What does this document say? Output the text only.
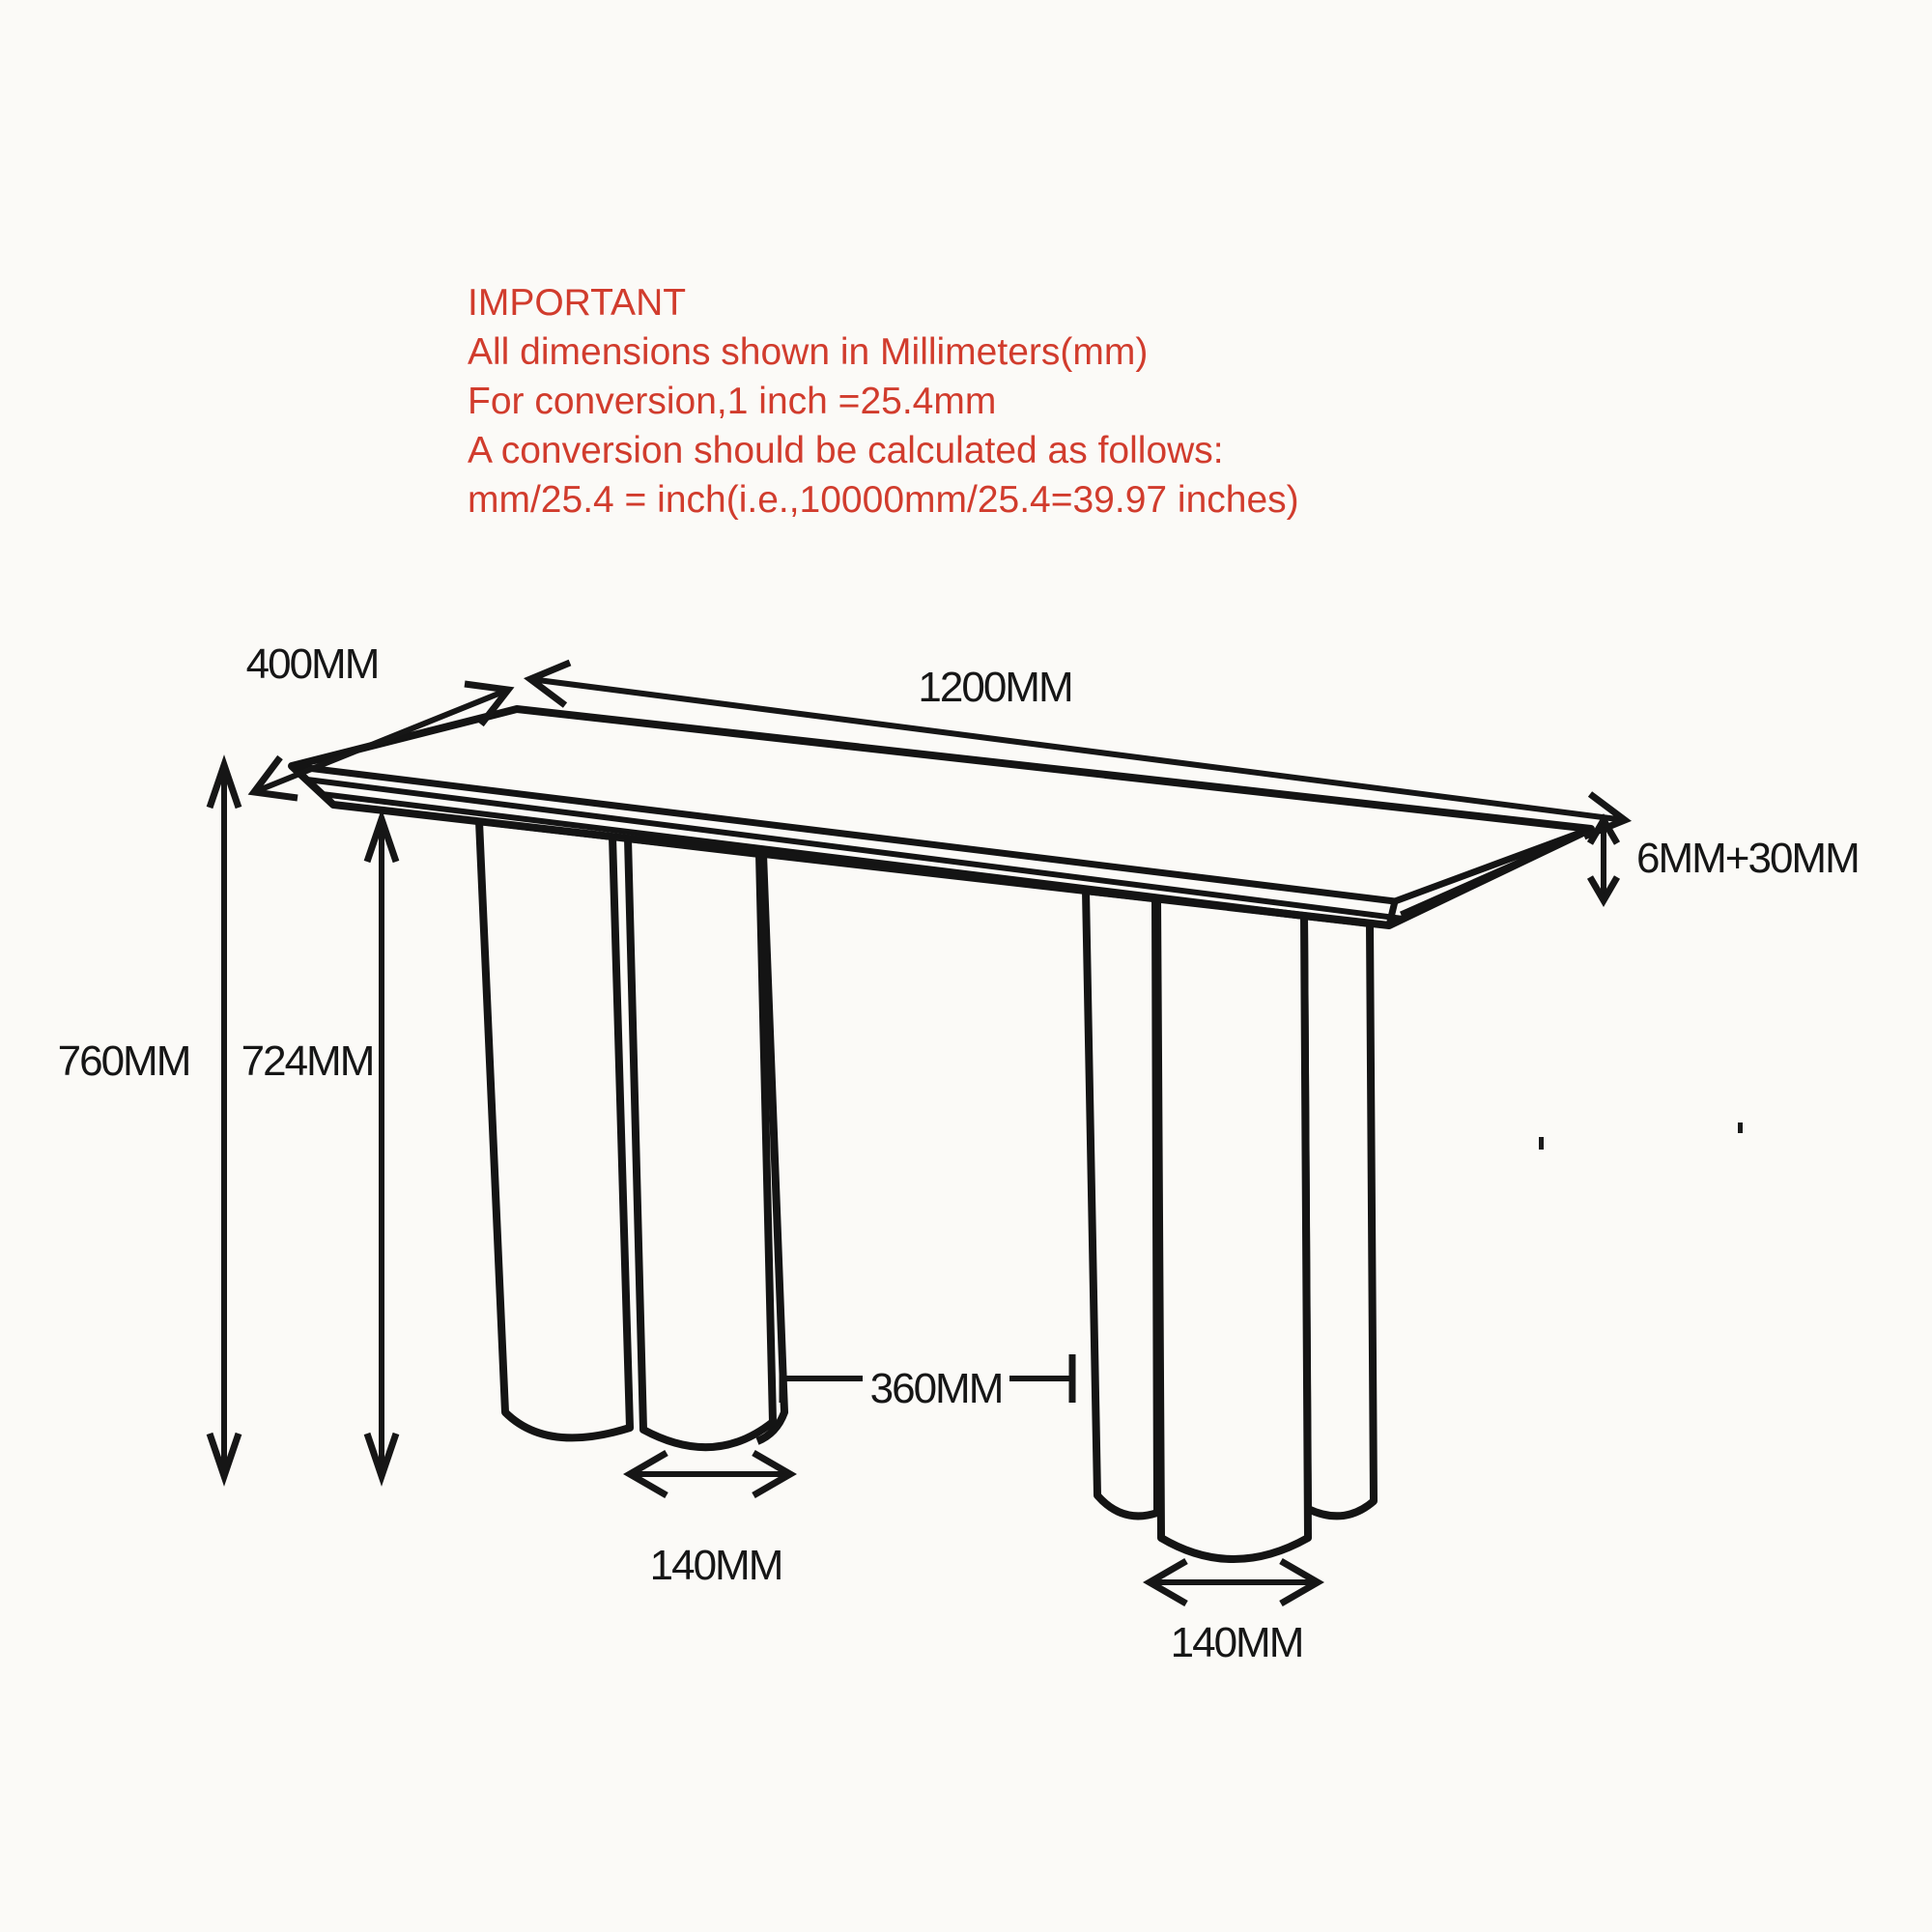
IMPORTANT
All dimensions shown in Millimeters(mm)
For conversion,1 inch =25.4mm
A conversion should be calculated as follows:
mm/25.4 = inch(i.e.,10000mm/25.4=39.97 inches)
400MM	1200MM
6MM+30MM
760MM 724MM
360MM
140MM
140MM
